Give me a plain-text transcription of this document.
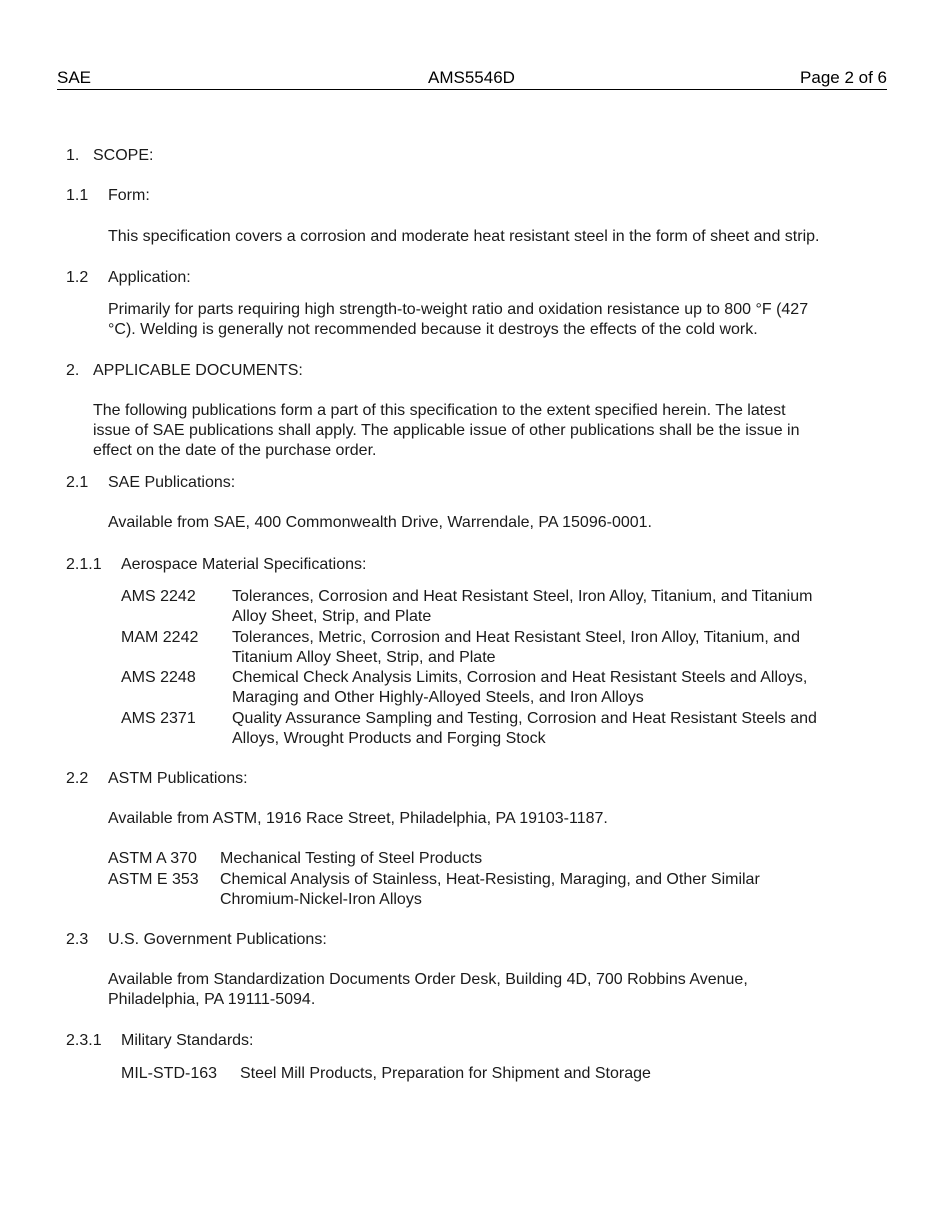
SAE	AMS5546D	Page 2 of 6
1. SCOPE:
1.1 Form:
This specification covers a corrosion and moderate heat resistant steel in the form of sheet and strip.
1.2 Application:
Primarily for parts requiring high strength-to-weight ratio and oxidation resistance up to 800 °F (427
°C). Welding is generally not recommended because it destroys the effects of the cold work.
2. APPLICABLE DOCUMENTS:
The following publications form a part of this specification to the extent specified herein. The latest
issue of SAE publications shall apply. The applicable issue of other publications shall be the issue in
effect on the date of the purchase order.
2.1 SAE Publications:
Available from SAE, 400 Commonwealth Drive, Warrendale, PA 15096-0001.
2.1.1 Aerospace Material Specifications:
AMS 2242 Tolerances, Corrosion and Heat Resistant Steel, Iron Alloy, Titanium, and Titanium
Alloy Sheet, Strip, and Plate
MAM 2242 Tolerances, Metric, Corrosion and Heat Resistant Steel, Iron Alloy, Titanium, and
Titanium Alloy Sheet, Strip, and Plate
AMS 2248 Chemical Check Analysis Limits, Corrosion and Heat Resistant Steels and Alloys,
Maraging and Other Highly-Alloyed Steels, and Iron Alloys
AMS 2371 Quality Assurance Sampling and Testing, Corrosion and Heat Resistant Steels and
Alloys, Wrought Products and Forging Stock
2.2 ASTM Publications:
Available from ASTM, 1916 Race Street, Philadelphia, PA 19103-1187.
ASTM A 370 Mechanical Testing of Steel Products
ASTM E 353 Chemical Analysis of Stainless, Heat-Resisting, Maraging, and Other Similar
Chromium-Nickel-Iron Alloys
2.3 U.S. Government Publications:
Available from Standardization Documents Order Desk, Building 4D, 700 Robbins Avenue,
Philadelphia, PA 19111-5094.
2.3.1 Military Standards:
MIL-STD-163 Steel Mill Products, Preparation for Shipment and Storage
